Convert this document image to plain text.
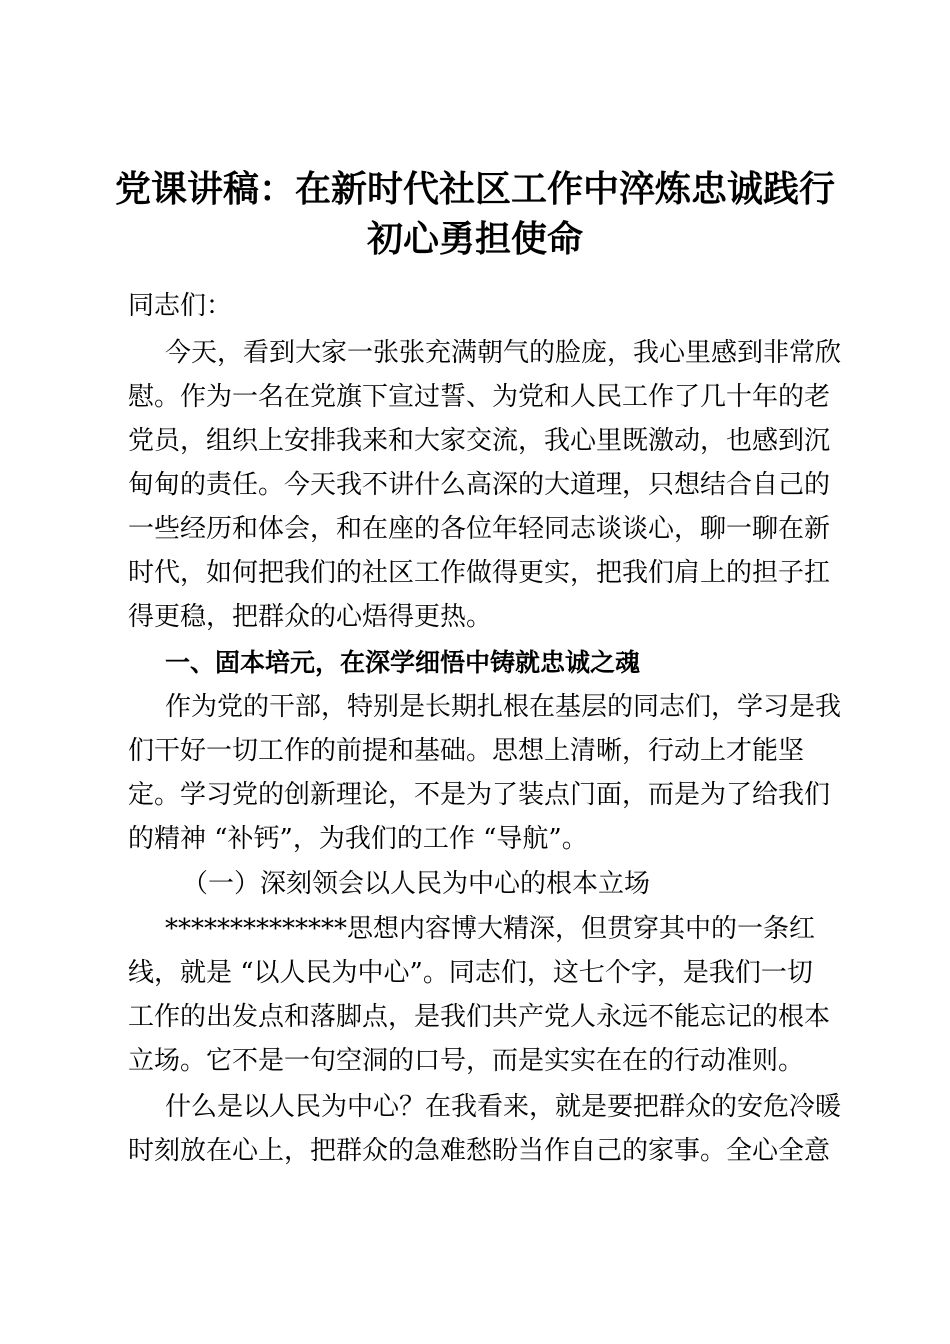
党课讲稿：在新时代社区工作中淬炼忠诚践行
初心勇担使命
同志们：
今天，看到大家一张张充满朝气的脸庞，我心里感到非常欣
慰。作为一名在党旗下宣过誓、为党和人民工作了几十年的老
党员，组织上安排我来和大家交流，我心里既激动，也感到沉
甸甸的责任。今天我不讲什么高深的大道理，只想结合自己的
一些经历和体会，和在座的各位年轻同志谈谈心，聊一聊在新
时代，如何把我们的社区工作做得更实，把我们肩上的担子扛
得更稳，把群众的心焐得更热。
一、固本培元，在深学细悟中铸就忠诚之魂
作为党的干部，特别是长期扎根在基层的同志们，学习是我
们干好一切工作的前提和基础。思想上清晰，行动上才能坚
定。学习党的创新理论，不是为了装点门面，而是为了给我们
的精神 “补钙”，为我们的工作 “导航”。
（一）深刻领会以人民为中心的根本立场
**************思想内容博大精深，但贯穿其中的一条红
线，就是 “以人民为中心”。同志们，这七个字，是我们一切
工作的出发点和落脚点，是我们共产党人永远不能忘记的根本
立场。它不是一句空洞的口号，而是实实在在的行动准则。
什么是以人民为中心？在我看来，就是要把群众的安危冷暖
时刻放在心上，把群众的急难愁盼当作自己的家事。全心全意
